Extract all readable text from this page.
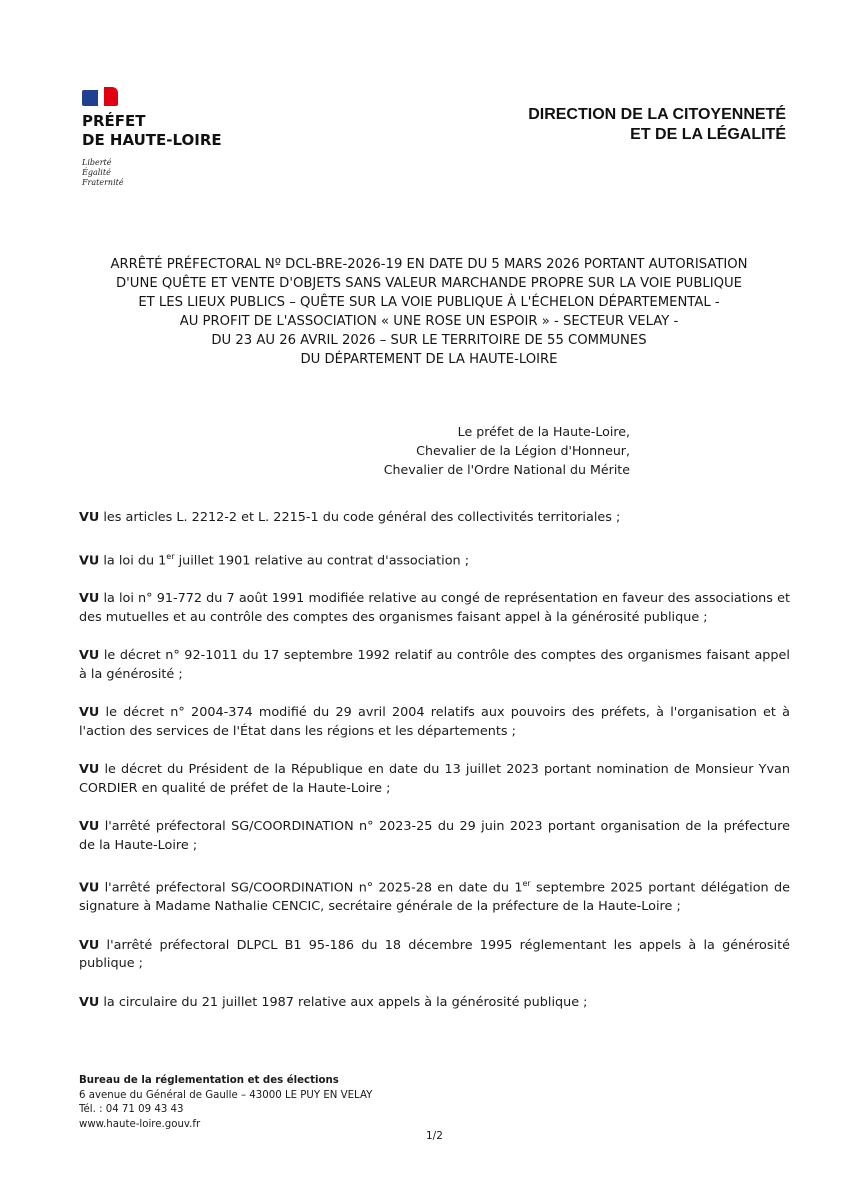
PRÉFET
DE HAUTE-LOIRE
Liberté
Égalité
Fraternité
DIRECTION DE LA CITOYENNETÉ
ET DE LA LÉGALITÉ
ARRÊTÉ PRÉFECTORAL Nº DCL-BRE-2026-19 EN DATE DU 5 MARS 2026 PORTANT AUTORISATION
D'UNE QUÊTE ET VENTE D'OBJETS SANS VALEUR MARCHANDE PROPRE SUR LA VOIE PUBLIQUE
ET LES LIEUX PUBLICS – QUÊTE SUR LA VOIE PUBLIQUE À L'ÉCHELON DÉPARTEMENTAL -
AU PROFIT DE L'ASSOCIATION « UNE ROSE UN ESPOIR » - SECTEUR VELAY -
DU 23 AU 26 AVRIL 2026 – SUR LE TERRITOIRE DE 55 COMMUNES
DU DÉPARTEMENT DE LA HAUTE-LOIRE
Le préfet de la Haute-Loire,
Chevalier de la Légion d'Honneur,
Chevalier de l'Ordre National du Mérite

VU les articles L. 2212-2 et L. 2215-1 du code général des collectivités territoriales ;

VU la loi du 1er juillet 1901 relative au contrat d'association ;

VU la loi n° 91-772 du 7 août 1991 modifiée relative au congé de représentation en faveur des associations et des mutuelles et au contrôle des comptes des organismes faisant appel à la générosité publique ;

VU le décret n° 92-1011 du 17 septembre 1992 relatif au contrôle des comptes des organismes faisant appel à la générosité ;

VU le décret n° 2004-374 modifié du 29 avril 2004 relatifs aux pouvoirs des préfets, à l'organisation et à l'action des services de l'État dans les régions et les départements ;

VU le décret du Président de la République en date du 13 juillet 2023 portant nomination de Monsieur Yvan CORDIER en qualité de préfet de la Haute-Loire ;

VU l'arrêté préfectoral SG/COORDINATION n° 2023-25 du 29 juin 2023 portant organisation de la préfecture de la Haute-Loire ;

VU l'arrêté préfectoral SG/COORDINATION n° 2025-28 en date du 1er septembre 2025 portant délégation de signature à Madame Nathalie CENCIC, secrétaire générale de la préfecture de la Haute-Loire ;

VU l'arrêté préfectoral DLPCL B1 95-186 du 18 décembre 1995 réglementant les appels à la générosité publique ;

VU la circulaire du 21 juillet 1987 relative aux appels à la générosité publique ;

Bureau de la réglementation et des élections
6 avenue du Général de Gaulle – 43000 LE PUY EN VELAY
Tél. : 04 71 09 43 43
www.haute-loire.gouv.fr
1/2
